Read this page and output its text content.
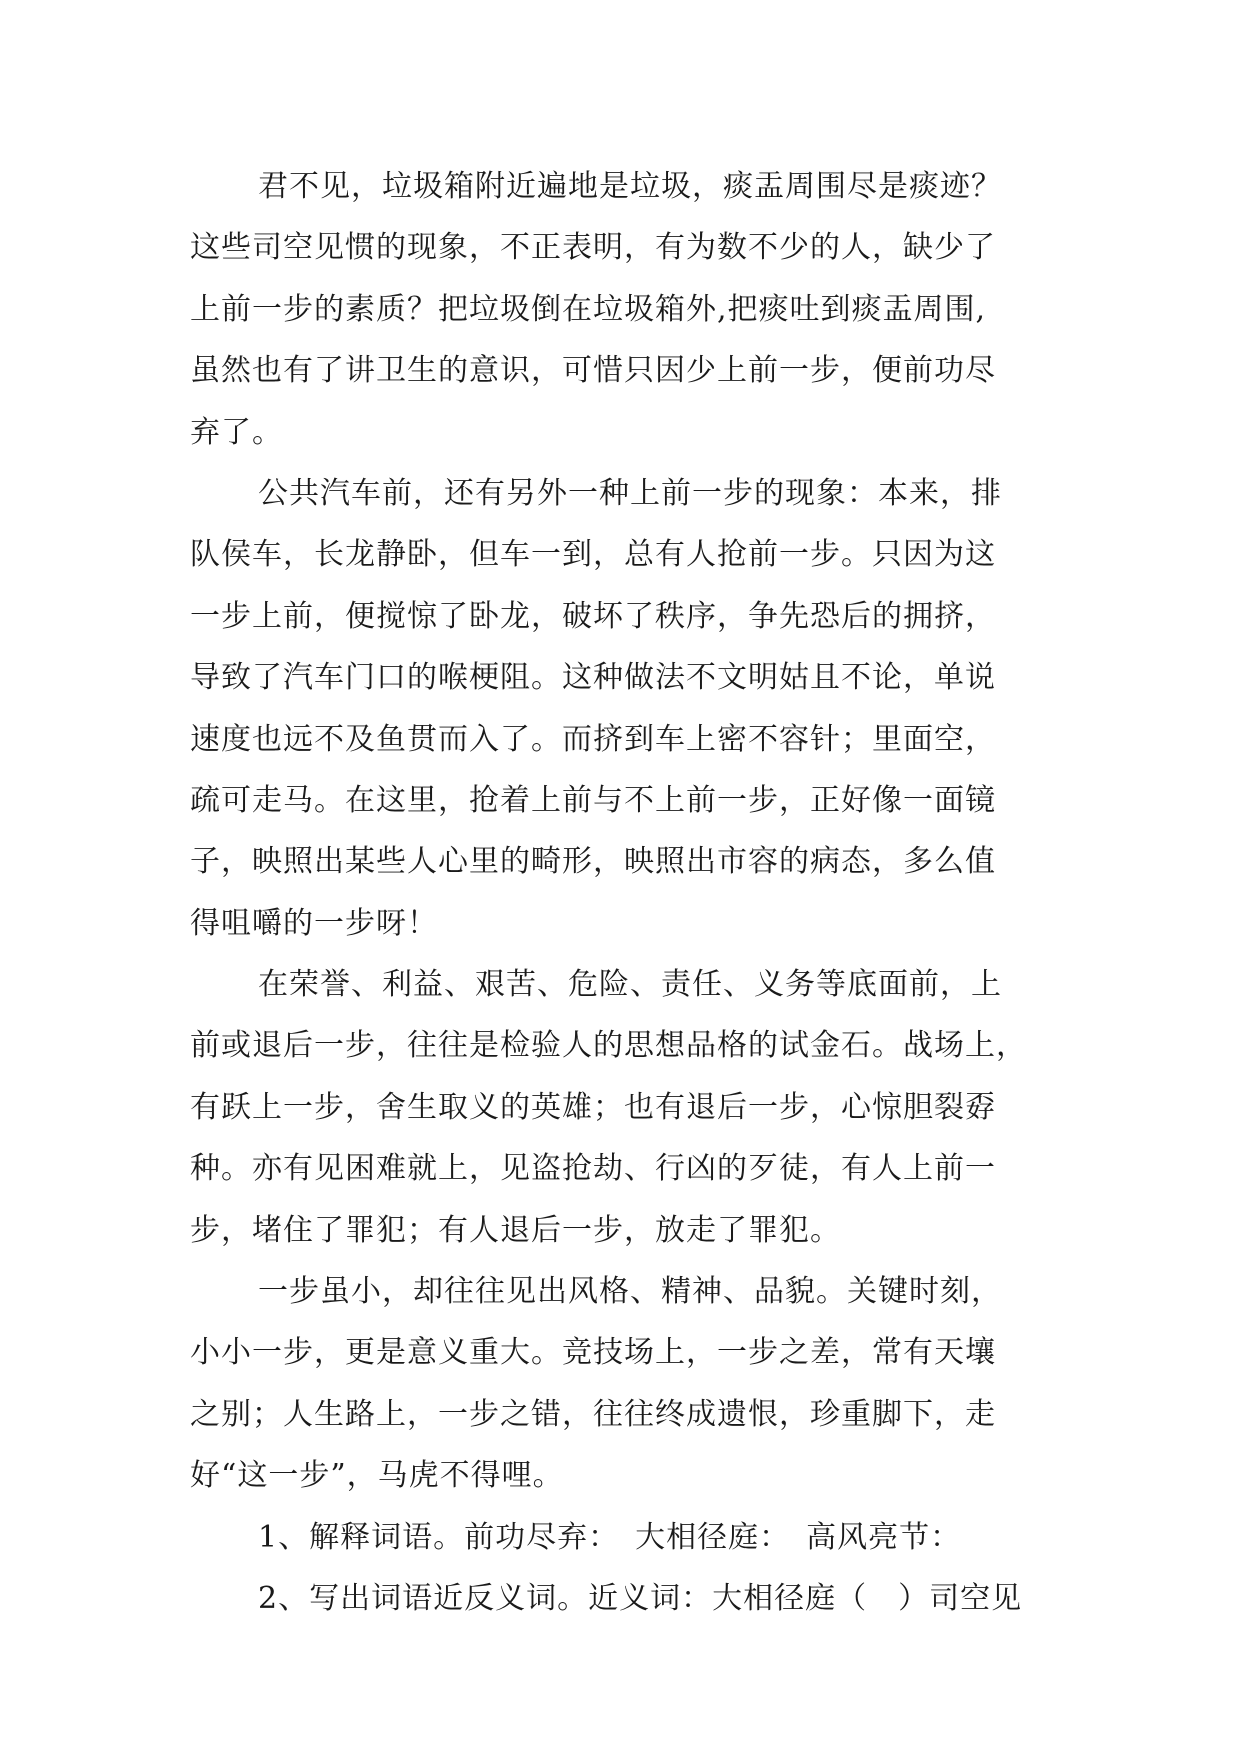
君不见，垃圾箱附近遍地是垃圾，痰盂周围尽是痰迹？
这些司空见惯的现象，不正表明，有为数不少的人，缺少了
上前一步的素质？把垃圾倒在垃圾箱外,把痰吐到痰盂周围,
虽然也有了讲卫生的意识，可惜只因少上前一步，便前功尽
弃了。
公共汽车前，还有另外一种上前一步的现象：本来，排
队侯车，长龙静卧，但车一到，总有人抢前一步。只因为这
一步上前，便搅惊了卧龙，破坏了秩序，争先恐后的拥挤，
导致了汽车门口的喉梗阻。这种做法不文明姑且不论，单说
速度也远不及鱼贯而入了。而挤到车上密不容针；里面空，
疏可走马。在这里，抢着上前与不上前一步，正好像一面镜
子，映照出某些人心里的畸形，映照出市容的病态，多么值
得咀嚼的一步呀！
在荣誉、利益、艰苦、危险、责任、义务等底面前，上
前或退后一步，往往是检验人的思想品格的试金石。战场上，
有跃上一步，舍生取义的英雄；也有退后一步，心惊胆裂孬
种。亦有见困难就上，见盗抢劫、行凶的歹徒，有人上前一
步，堵住了罪犯；有人退后一步，放走了罪犯。
一步虽小，却往往见出风格、精神、品貌。关键时刻，
小小一步，更是意义重大。竞技场上，一步之差，常有天壤
之别；人生路上，一步之错，往往终成遗恨，珍重脚下，走
好“这一步”，马虎不得哩。
1、解释词语。前功尽弃：　大相径庭：　高风亮节：
2、写出词语近反义词。近义词：大相径庭（　）司空见
